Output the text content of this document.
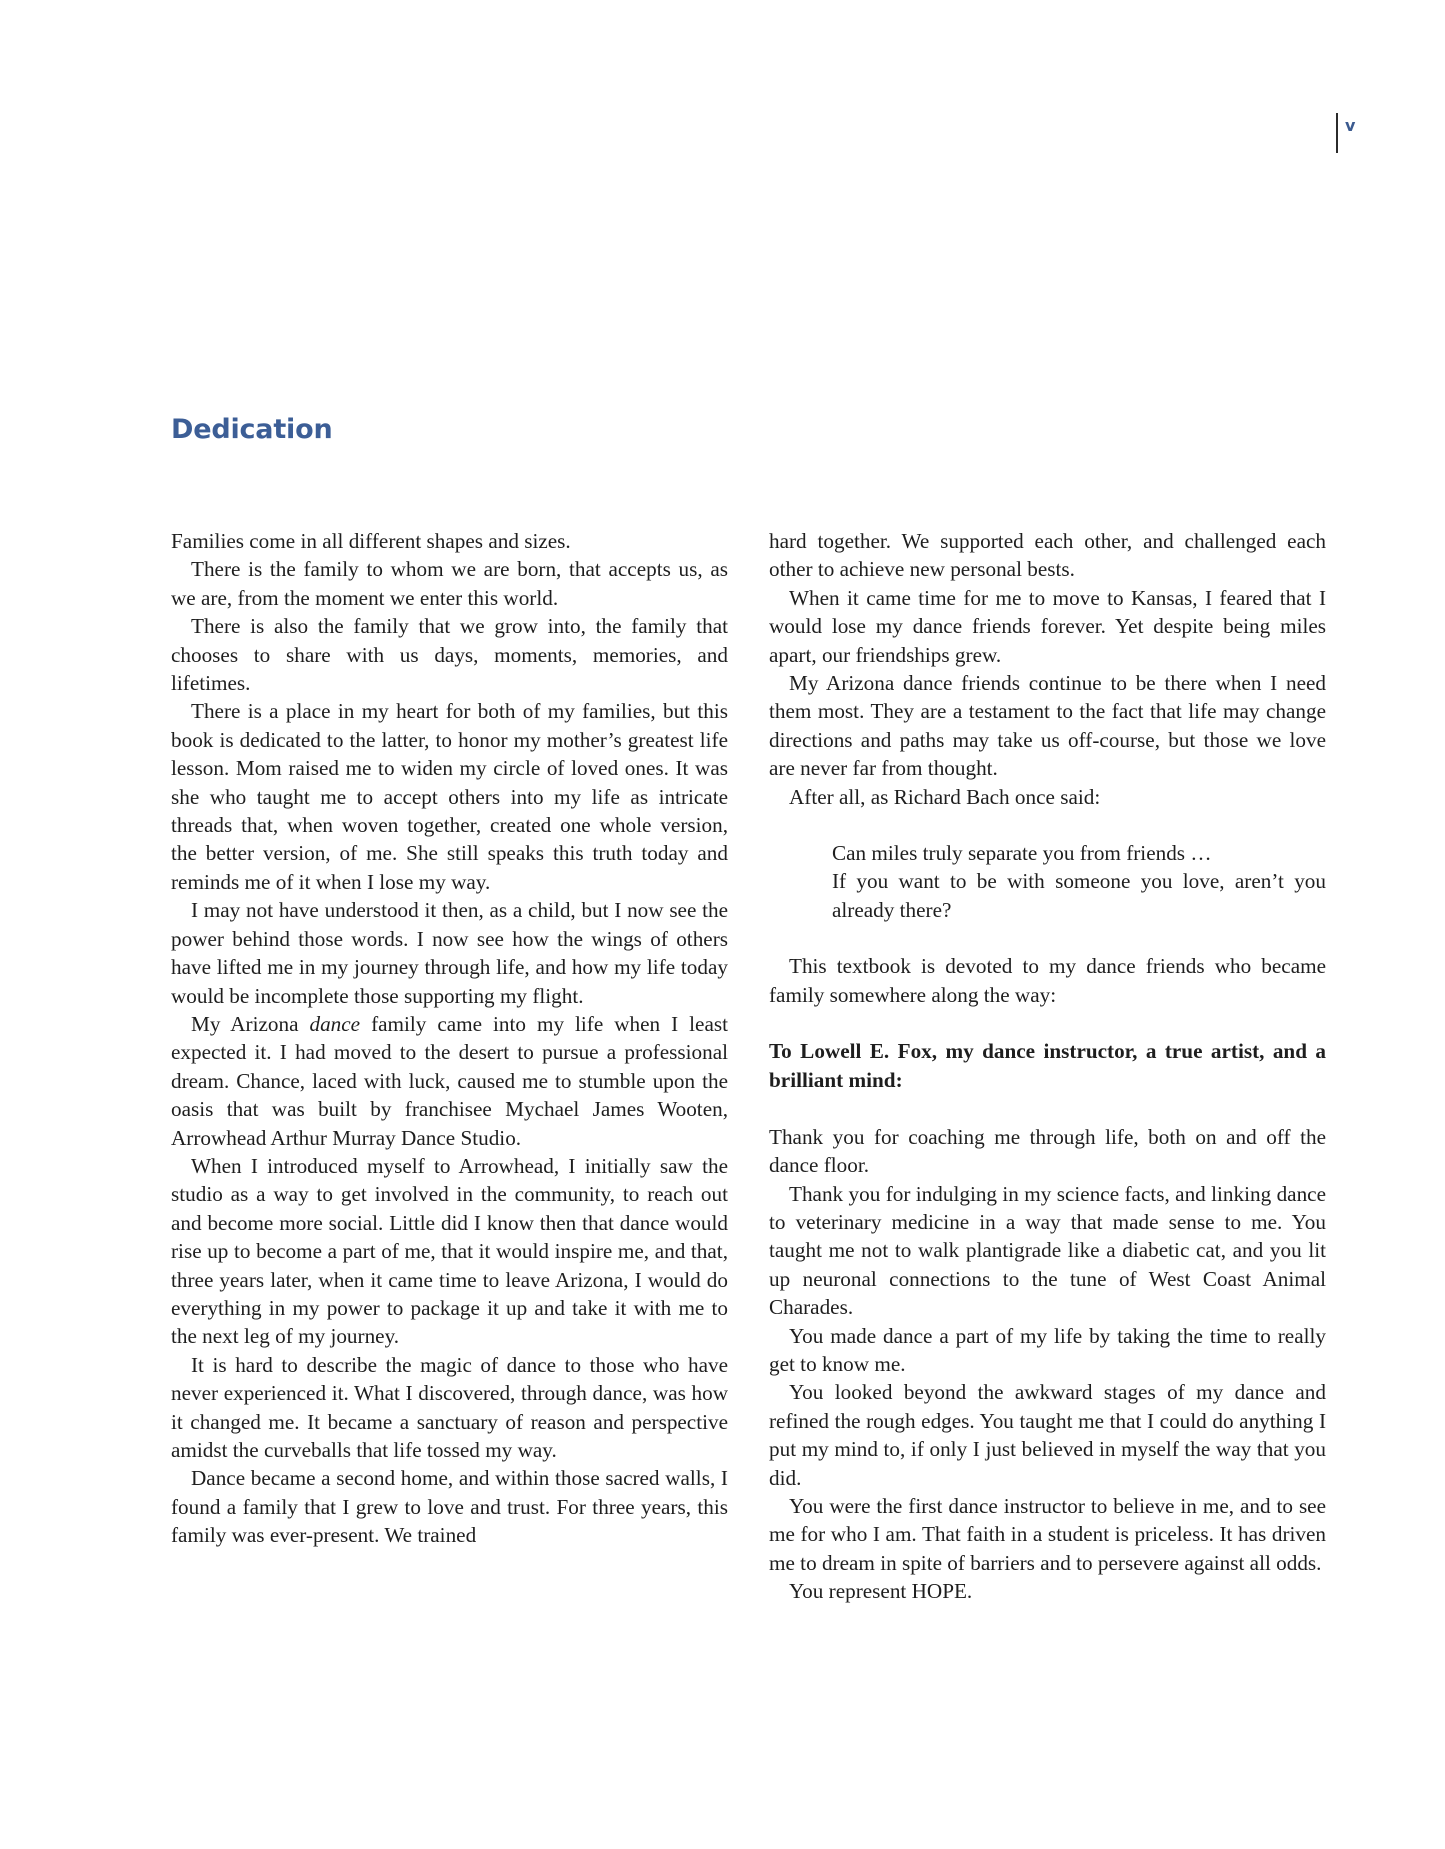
v
Dedication

Families come in all different shapes and sizes.

There is the family to whom we are born, that accepts us, as we are, from the moment we enter this world.

There is also the family that we grow into, the family that chooses to share with us days, moments, memories, and lifetimes.

There is a place in my heart for both of my families, but this book is dedicated to the latter, to honor my mother’s greatest life lesson. Mom raised me to widen my circle of loved ones. It was she who taught me to accept others into my life as intricate threads that, when woven together, created one whole version, the better version, of me. She still speaks this truth today and reminds me of it when I lose my way.

I may not have understood it then, as a child, but I now see the power behind those words. I now see how the wings of others have lifted me in my journey through life, and how my life today would be incomplete those supporting my flight.

My Arizona dance family came into my life when I least expected it. I had moved to the desert to pursue a professional dream. Chance, laced with luck, caused me to stumble upon the oasis that was built by franchisee Mychael James Wooten, Arrowhead Arthur Murray Dance Studio.

When I introduced myself to Arrowhead, I initially saw the studio as a way to get involved in the community, to reach out and become more social. Little did I know then that dance would rise up to become a part of me, that it would inspire me, and that, three years later, when it came time to leave Arizona, I would do everything in my power to package it up and take it with me to the next leg of my journey.

It is hard to describe the magic of dance to those who have never experienced it. What I discovered, through dance, was how it changed me. It became a sanctuary of reason and perspective amidst the curveballs that life tossed my way.

Dance became a second home, and within those sacred walls, I found a family that I grew to love and trust. For three years, this family was ever-present. We trained

hard together. We supported each other, and challenged each other to achieve new personal bests.

When it came time for me to move to Kansas, I feared that I would lose my dance friends forever. Yet despite being miles apart, our friendships grew.

My Arizona dance friends continue to be there when I need them most. They are a testament to the fact that life may change directions and paths may take us off-course, but those we love are never far from thought.

After all, as Richard Bach once said:

Can miles truly separate you from friends …
If you want to be with someone you love, aren’t you already there?

This textbook is devoted to my dance friends who became family somewhere along the way:

To Lowell E. Fox, my dance instructor, a true artist, and a brilliant mind:

Thank you for coaching me through life, both on and off the dance floor.

Thank you for indulging in my science facts, and linking dance to veterinary medicine in a way that made sense to me. You taught me not to walk plantigrade like a diabetic cat, and you lit up neuronal connections to the tune of West Coast Animal Charades.

You made dance a part of my life by taking the time to really get to know me.

You looked beyond the awkward stages of my dance and refined the rough edges. You taught me that I could do anything I put my mind to, if only I just believed in myself the way that you did.

You were the first dance instructor to believe in me, and to see me for who I am. That faith in a student is priceless. It has driven me to dream in spite of barriers and to persevere against all odds.

You represent HOPE.
